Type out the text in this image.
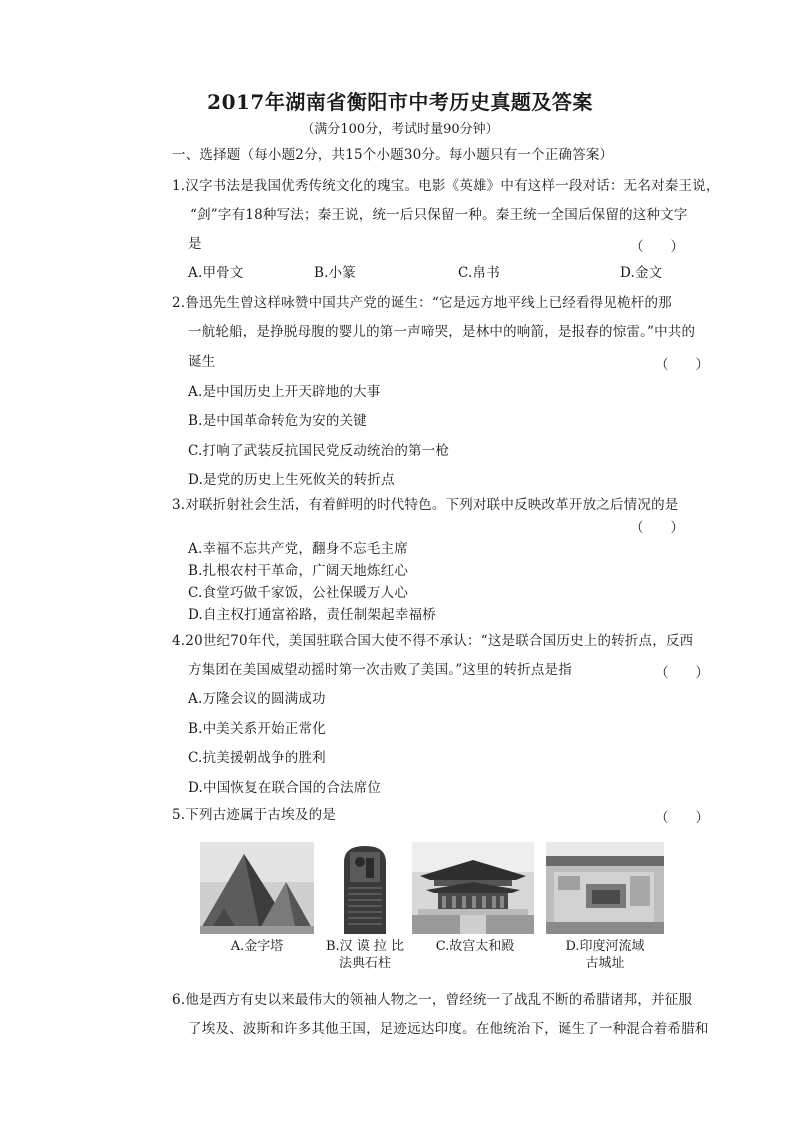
2017年湖南省衡阳市中考历史真题及答案
（满分100分，考试时量90分钟）
一、选择题（每小题2分，共15个小题30分。每小题只有一个正确答案）
1.汉字书法是我国优秀传统文化的瑰宝。电影《英雄》中有这样一段对话：无名对秦王说，
“剑”字有18种写法；秦王说，统一后只保留一种。秦王统一全国后保留的这种文字
是	（　　）
A.甲骨文	B.小篆	C.帛书	D.金文
2.鲁迅先生曾这样咏赞中国共产党的诞生：“它是远方地平线上已经看得见桅杆的那
一航轮船，是挣脱母腹的婴儿的第一声啼哭，是林中的响箭，是报春的惊雷。”中共的
诞生	（　　）
A.是中国历史上开天辟地的大事
B.是中国革命转危为安的关键
C.打响了武装反抗国民党反动统治的第一枪
D.是党的历史上生死攸关的转折点
3.对联折射社会生活，有着鲜明的时代特色。下列对联中反映改革开放之后情况的是
（　　）
A.幸福不忘共产党，翻身不忘毛主席
B.扎根农村干革命，广阔天地炼红心
C.食堂巧做千家饭，公社保暖万人心
D.自主权打通富裕路，责任制架起幸福桥
4.20世纪70年代，美国驻联合国大使不得不承认：“这是联合国历史上的转折点，反西
方集团在美国威望动摇时第一次击败了美国。”这里的转折点是指	（　　）
A.万隆会议的圆满成功
B.中美关系开始正常化
C.抗美援朝战争的胜利
D.中国恢复在联合国的合法席位
5.下列古迹属于古埃及的是	（　　）
A.金字塔	B.汉 谟 拉 比
法典石柱
C.故宫太和殿	D.印度河流域
古城址
6.他是西方有史以来最伟大的领袖人物之一，曾经统一了战乱不断的希腊诸邦，并征服
了埃及、波斯和许多其他王国，足迹远达印度。在他统治下，诞生了一种混合着希腊和
